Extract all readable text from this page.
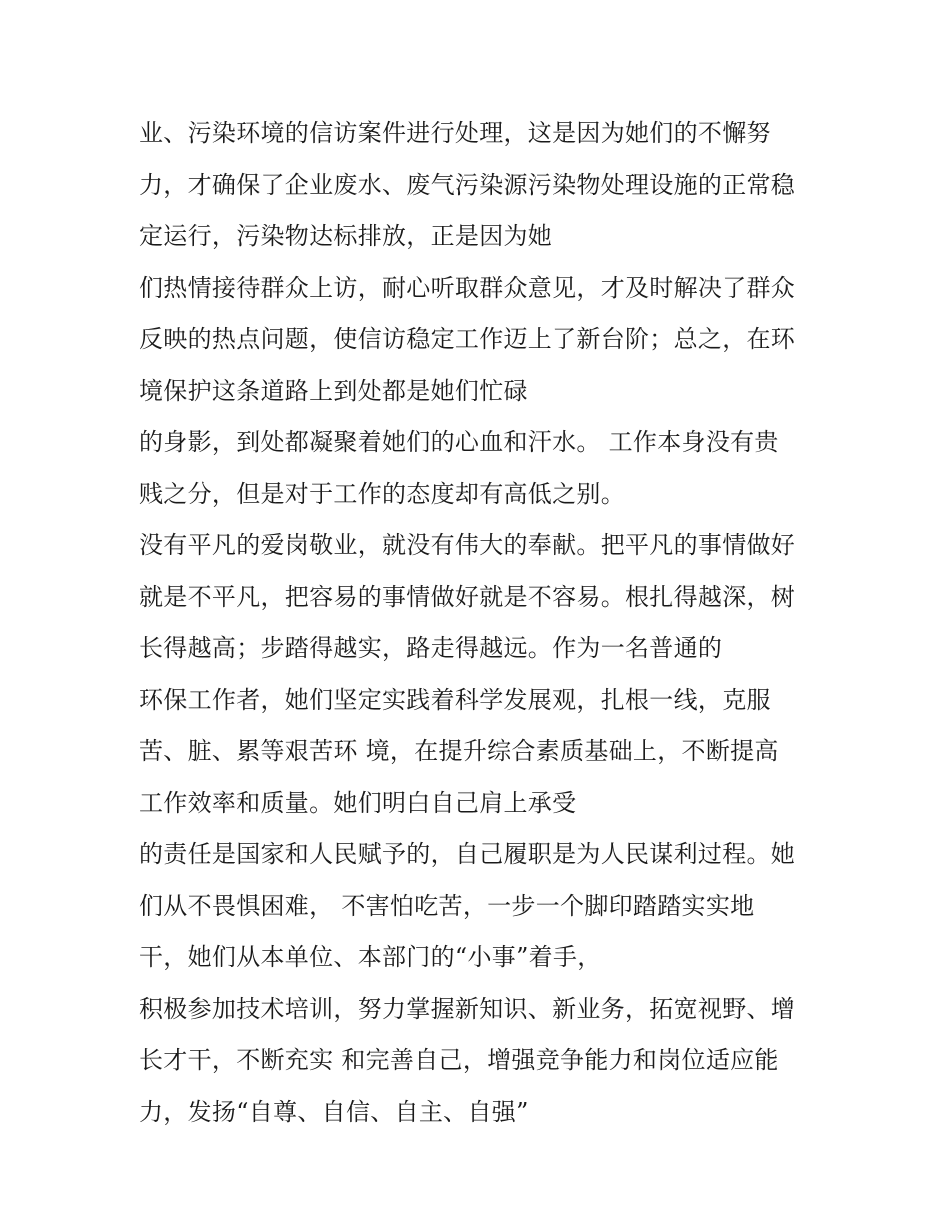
业、污染环境的信访案件进行处理，这是因为她们的不懈努
力，才确保了企业废水、废气污染源污染物处理设施的正常稳
定运行，污染物达标排放，正是因为她
们热情接待群众上访，耐心听取群众意见，才及时解决了群众
反映的热点问题，使信访稳定工作迈上了新台阶；总之，在环
境保护这条道路上到处都是她们忙碌
的身影，到处都凝聚着她们的心血和汗水。 工作本身没有贵
贱之分，但是对于工作的态度却有高低之别。
没有平凡的爱岗敬业，就没有伟大的奉献。把平凡的事情做好
就是不平凡，把容易的事情做好就是不容易。根扎得越深，树
长得越高；步踏得越实，路走得越远。作为一名普通的
环保工作者，她们坚定实践着科学发展观，扎根一线，克服
苦、脏、累等艰苦环 境，在提升综合素质基础上，不断提高
工作效率和质量。她们明白自己肩上承受
的责任是国家和人民赋予的，自己履职是为人民谋利过程。她
们从不畏惧困难， 不害怕吃苦，一步一个脚印踏踏实实地
干，她们从本单位、本部门的“小事”着手，
积极参加技术培训，努力掌握新知识、新业务，拓宽视野、增
长才干，不断充实 和完善自己，增强竞争能力和岗位适应能
力，发扬“自尊、自信、自主、自强”
